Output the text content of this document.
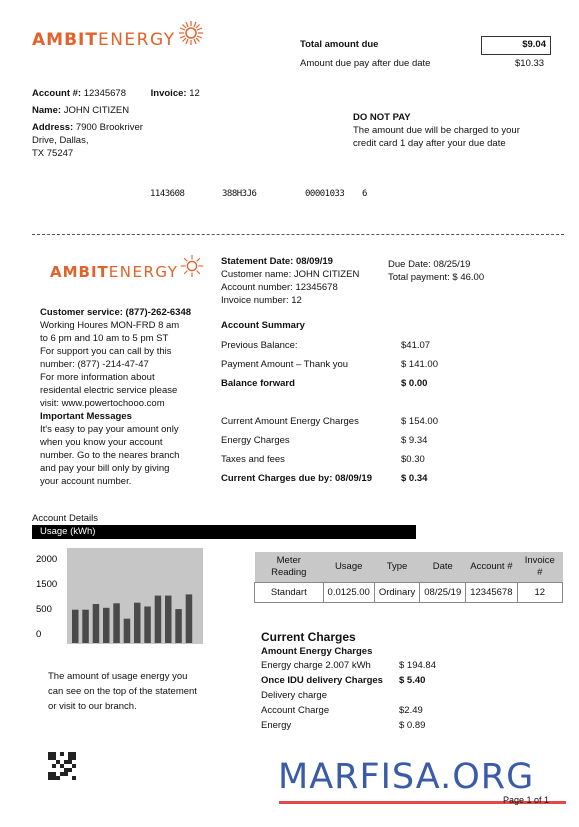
AMBIT ENERGY	Total amount due	$9.04
Amount due pay after due date	$10.33
Account #: 12345678	Invoice: 12
Name: JOHN CITIZEN
Address: 7900 Brookriver
Drive, Dallas,
TX 75247
DO NOT PAY
The amount due will be charged to your
credit card 1 day after your due date
1143608	388H3J6	00001033 6
AMBIT ENERGY
Customer service: (877)-262-6348
Working Houres MON-FRD 8 am
to 6 pm and 10 am to 5 pm ST
For support you can call by this
number: (877) -214-47-47
For more information about
residental electric service please
visit: www.powertochooo.com
Important Messages
It's easy to pay your amount only
when you know your account
number. Go to the neares branch
and pay your bill only by giving
your account number.
Statement Date: 08/09/19
Customer name: JOHN CITIZEN
Account number: 12345678
Invoice number: 12
Due Date: 08/25/19
Total payment: $ 46.00
Account Summary
Previous Balance:	$41.07
Payment Amount – Thank you	$ 141.00
Balance forward	$ 0.00
Current Amount Energy Charges	$ 154.00
Energy Charges	$ 9.34
Taxes and fees	$0.30
Current Charges due by: 08/09/19	$ 0.34
Account Details
Usage (kWh)
2000
1500
500
0
The amount of usage energy you
can see on the top of the statement
or visit to our branch.
Meter Reading	Usage	Type	Date	Account #	Invoice #
Standart	0.0125.00	Ordinary	08/25/19	12345678	12
Current Charges
Amount Energy Charges
Energy charge 2.007 kWh	$ 194.84
Once IDU delivery Charges	$ 5.40
Delivery charge
Account Charge	$2.49
Energy	$ 0.89
MARFISA.ORG
Page 1 of 1
